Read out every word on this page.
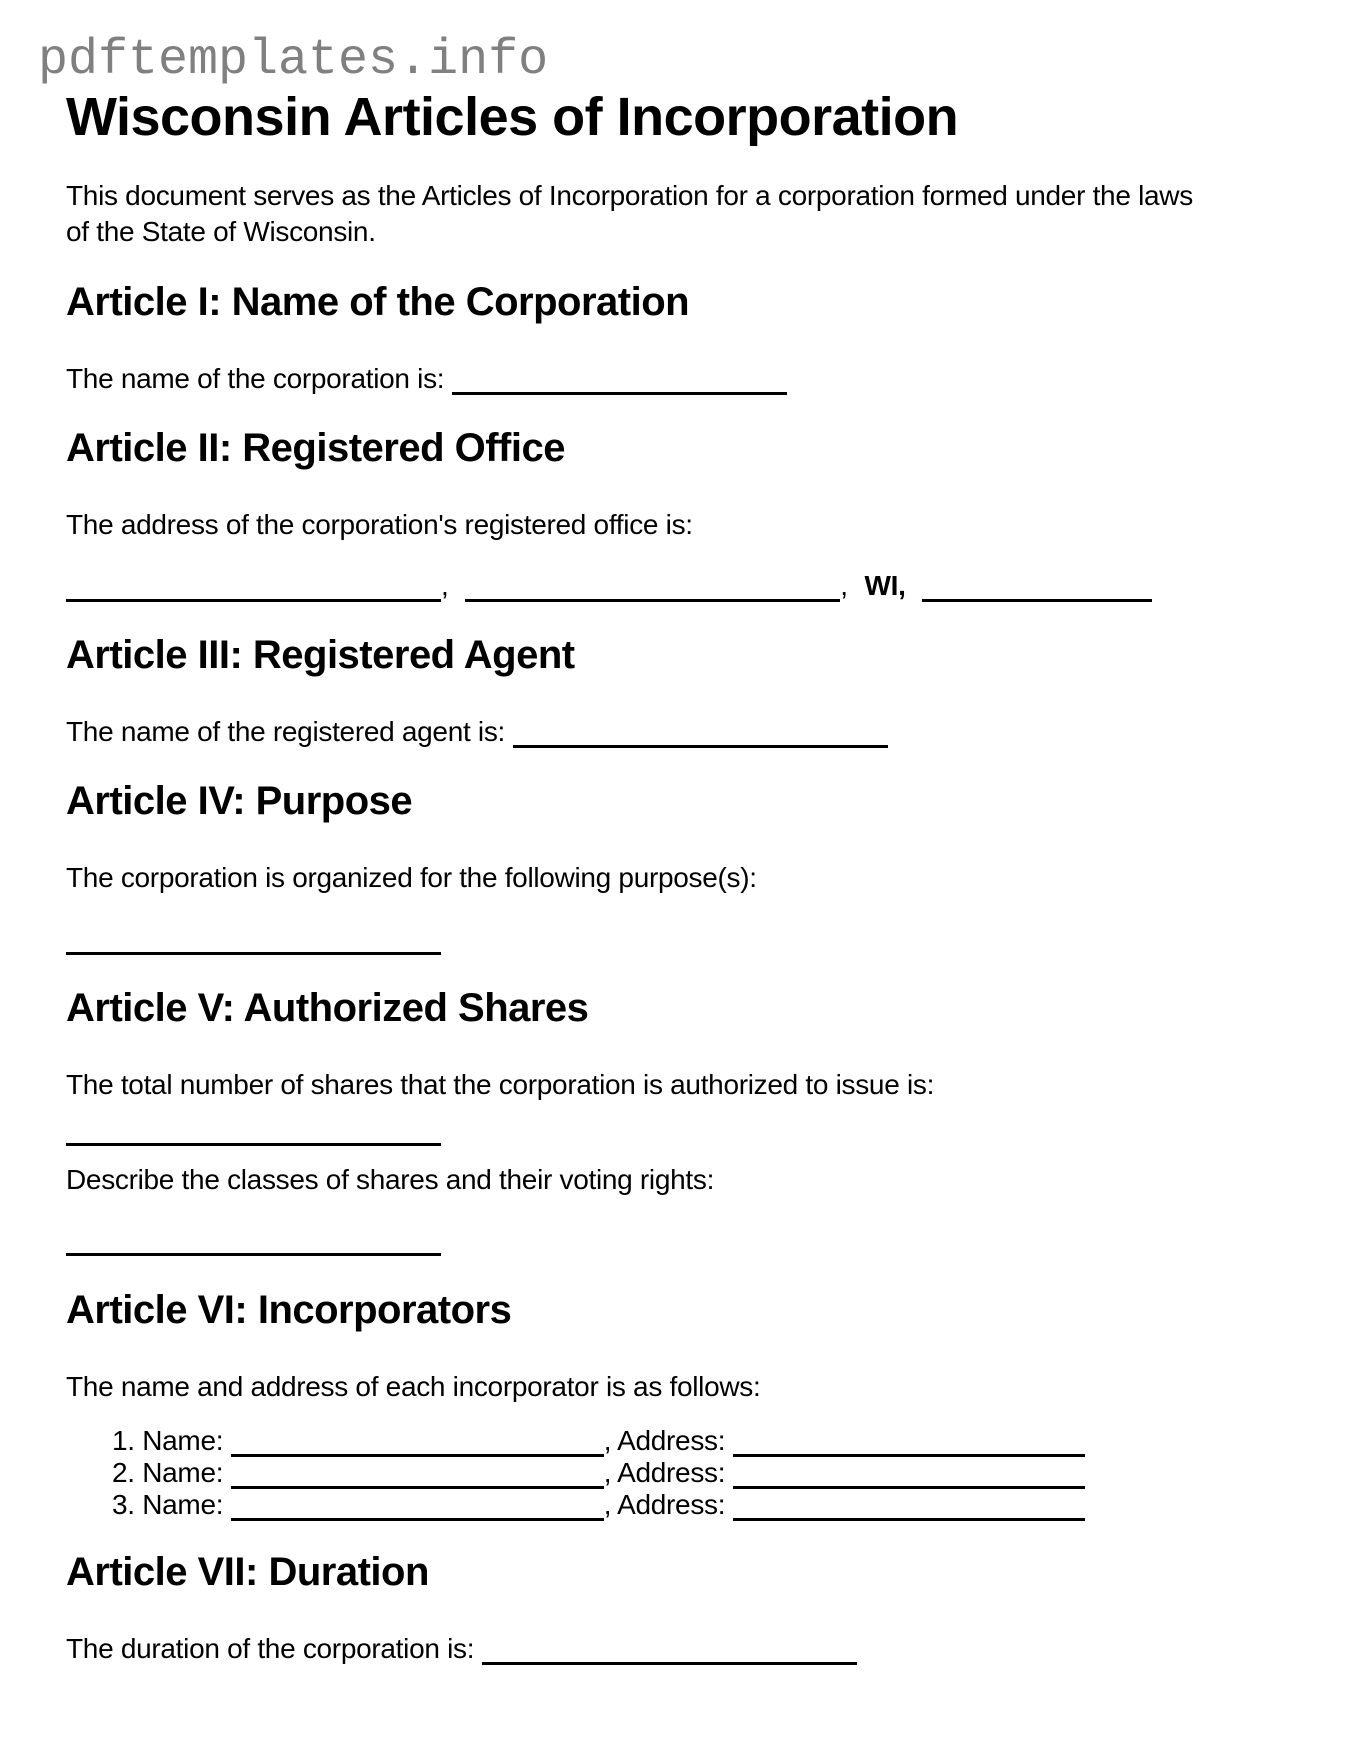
pdftemplates.info
Wisconsin Articles of Incorporation

This document serves as the Articles of Incorporation for a corporation formed under the laws of the State of Wisconsin.

Article I: Name of the Corporation

The name of the corporation is:

Article II: Registered Office

The address of the corporation's registered office is:

,	, WI,

Article III: Registered Agent

The name of the registered agent is:

Article IV: Purpose

The corporation is organized for the following purpose(s):

Article V: Authorized Shares

The total number of shares that the corporation is authorized to issue is:

Describe the classes of shares and their voting rights:

Article VI: Incorporators

The name and address of each incorporator is as follows:

1. Name:	, Address:
2. Name:	, Address:
3. Name:	, Address:
Article VII: Duration

The duration of the corporation is:
